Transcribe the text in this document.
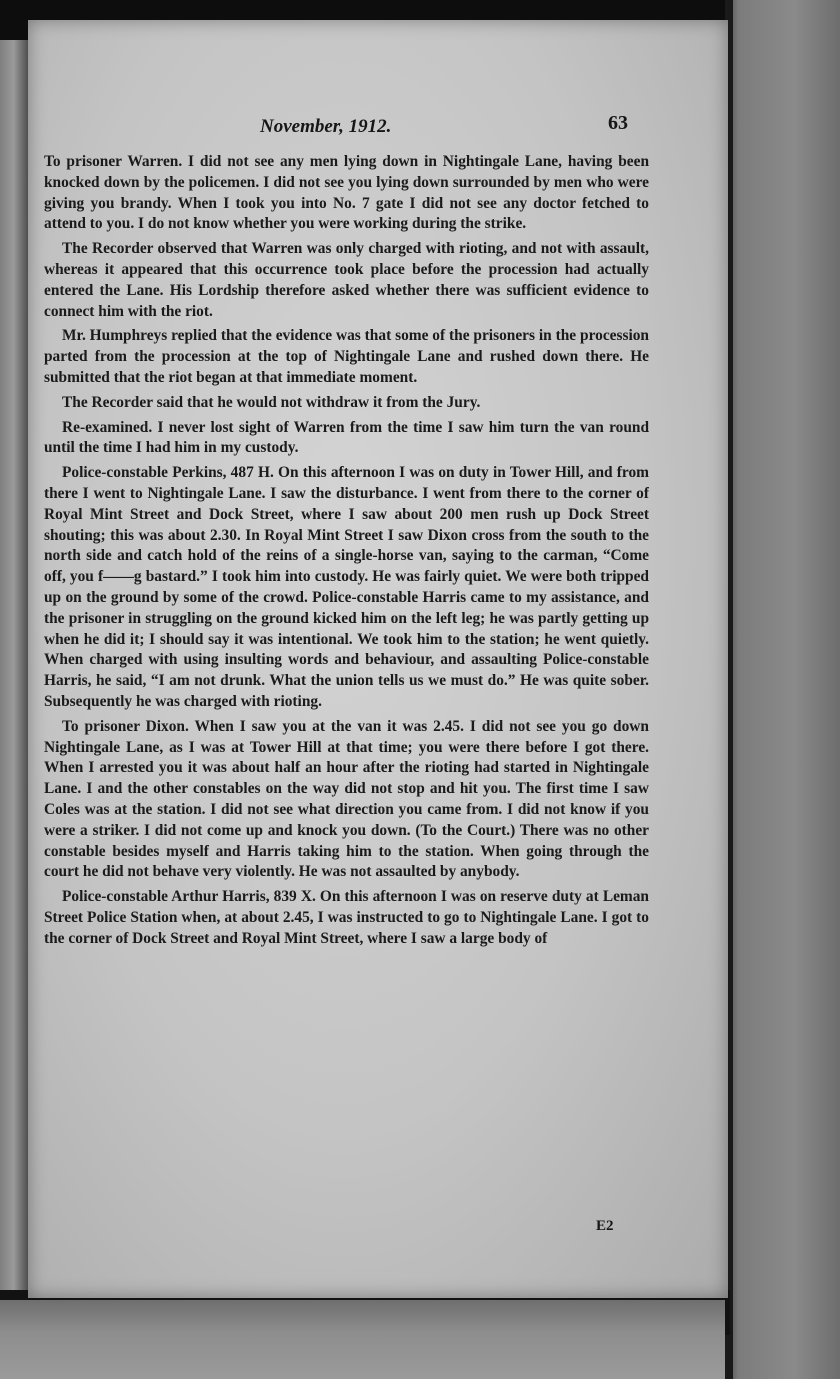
November, 1912.	63

To prisoner Warren. I did not see any men lying down in Nightingale Lane, having been knocked down by the policemen. I did not see you lying down surrounded by men who were giving you brandy. When I took you into No. 7 gate I did not see any doctor fetched to attend to you. I do not know whether you were working during the strike.

The Recorder observed that Warren was only charged with rioting, and not with assault, whereas it appeared that this occurrence took place before the procession had actually entered the Lane. His Lordship therefore asked whether there was sufficient evidence to connect him with the riot.

Mr. Humphreys replied that the evidence was that some of the prisoners in the procession parted from the procession at the top of Nightingale Lane and rushed down there. He submitted that the riot began at that immediate moment.

The Recorder said that he would not withdraw it from the Jury.

Re-examined. I never lost sight of Warren from the time I saw him turn the van round until the time I had him in my custody.

Police-constable Perkins, 487 H. On this afternoon I was on duty in Tower Hill, and from there I went to Nightingale Lane. I saw the disturbance. I went from there to the corner of Royal Mint Street and Dock Street, where I saw about 200 men rush up Dock Street shouting; this was about 2.30. In Royal Mint Street I saw Dixon cross from the south to the north side and catch hold of the reins of a single-horse van, saying to the carman, “Come off, you f——g bastard.” I took him into custody. He was fairly quiet. We were both tripped up on the ground by some of the crowd. Police-constable Harris came to my assistance, and the prisoner in struggling on the ground kicked him on the left leg; he was partly getting up when he did it; I should say it was intentional. We took him to the station; he went quietly. When charged with using insulting words and behaviour, and assaulting Police-constable Harris, he said, “I am not drunk. What the union tells us we must do.” He was quite sober. Subsequently he was charged with rioting.

To prisoner Dixon. When I saw you at the van it was 2.45. I did not see you go down Nightingale Lane, as I was at Tower Hill at that time; you were there before I got there. When I arrested you it was about half an hour after the rioting had started in Nightingale Lane. I and the other constables on the way did not stop and hit you. The first time I saw Coles was at the station. I did not see what direction you came from. I did not know if you were a striker. I did not come up and knock you down. (To the Court.) There was no other constable besides myself and Harris taking him to the station. When going through the court he did not behave very violently. He was not assaulted by anybody.

Police-constable Arthur Harris, 839 X. On this afternoon I was on reserve duty at Leman Street Police Station when, at about 2.45, I was instructed to go to Nightingale Lane. I got to the corner of Dock Street and Royal Mint Street, where I saw a large body of

E2
